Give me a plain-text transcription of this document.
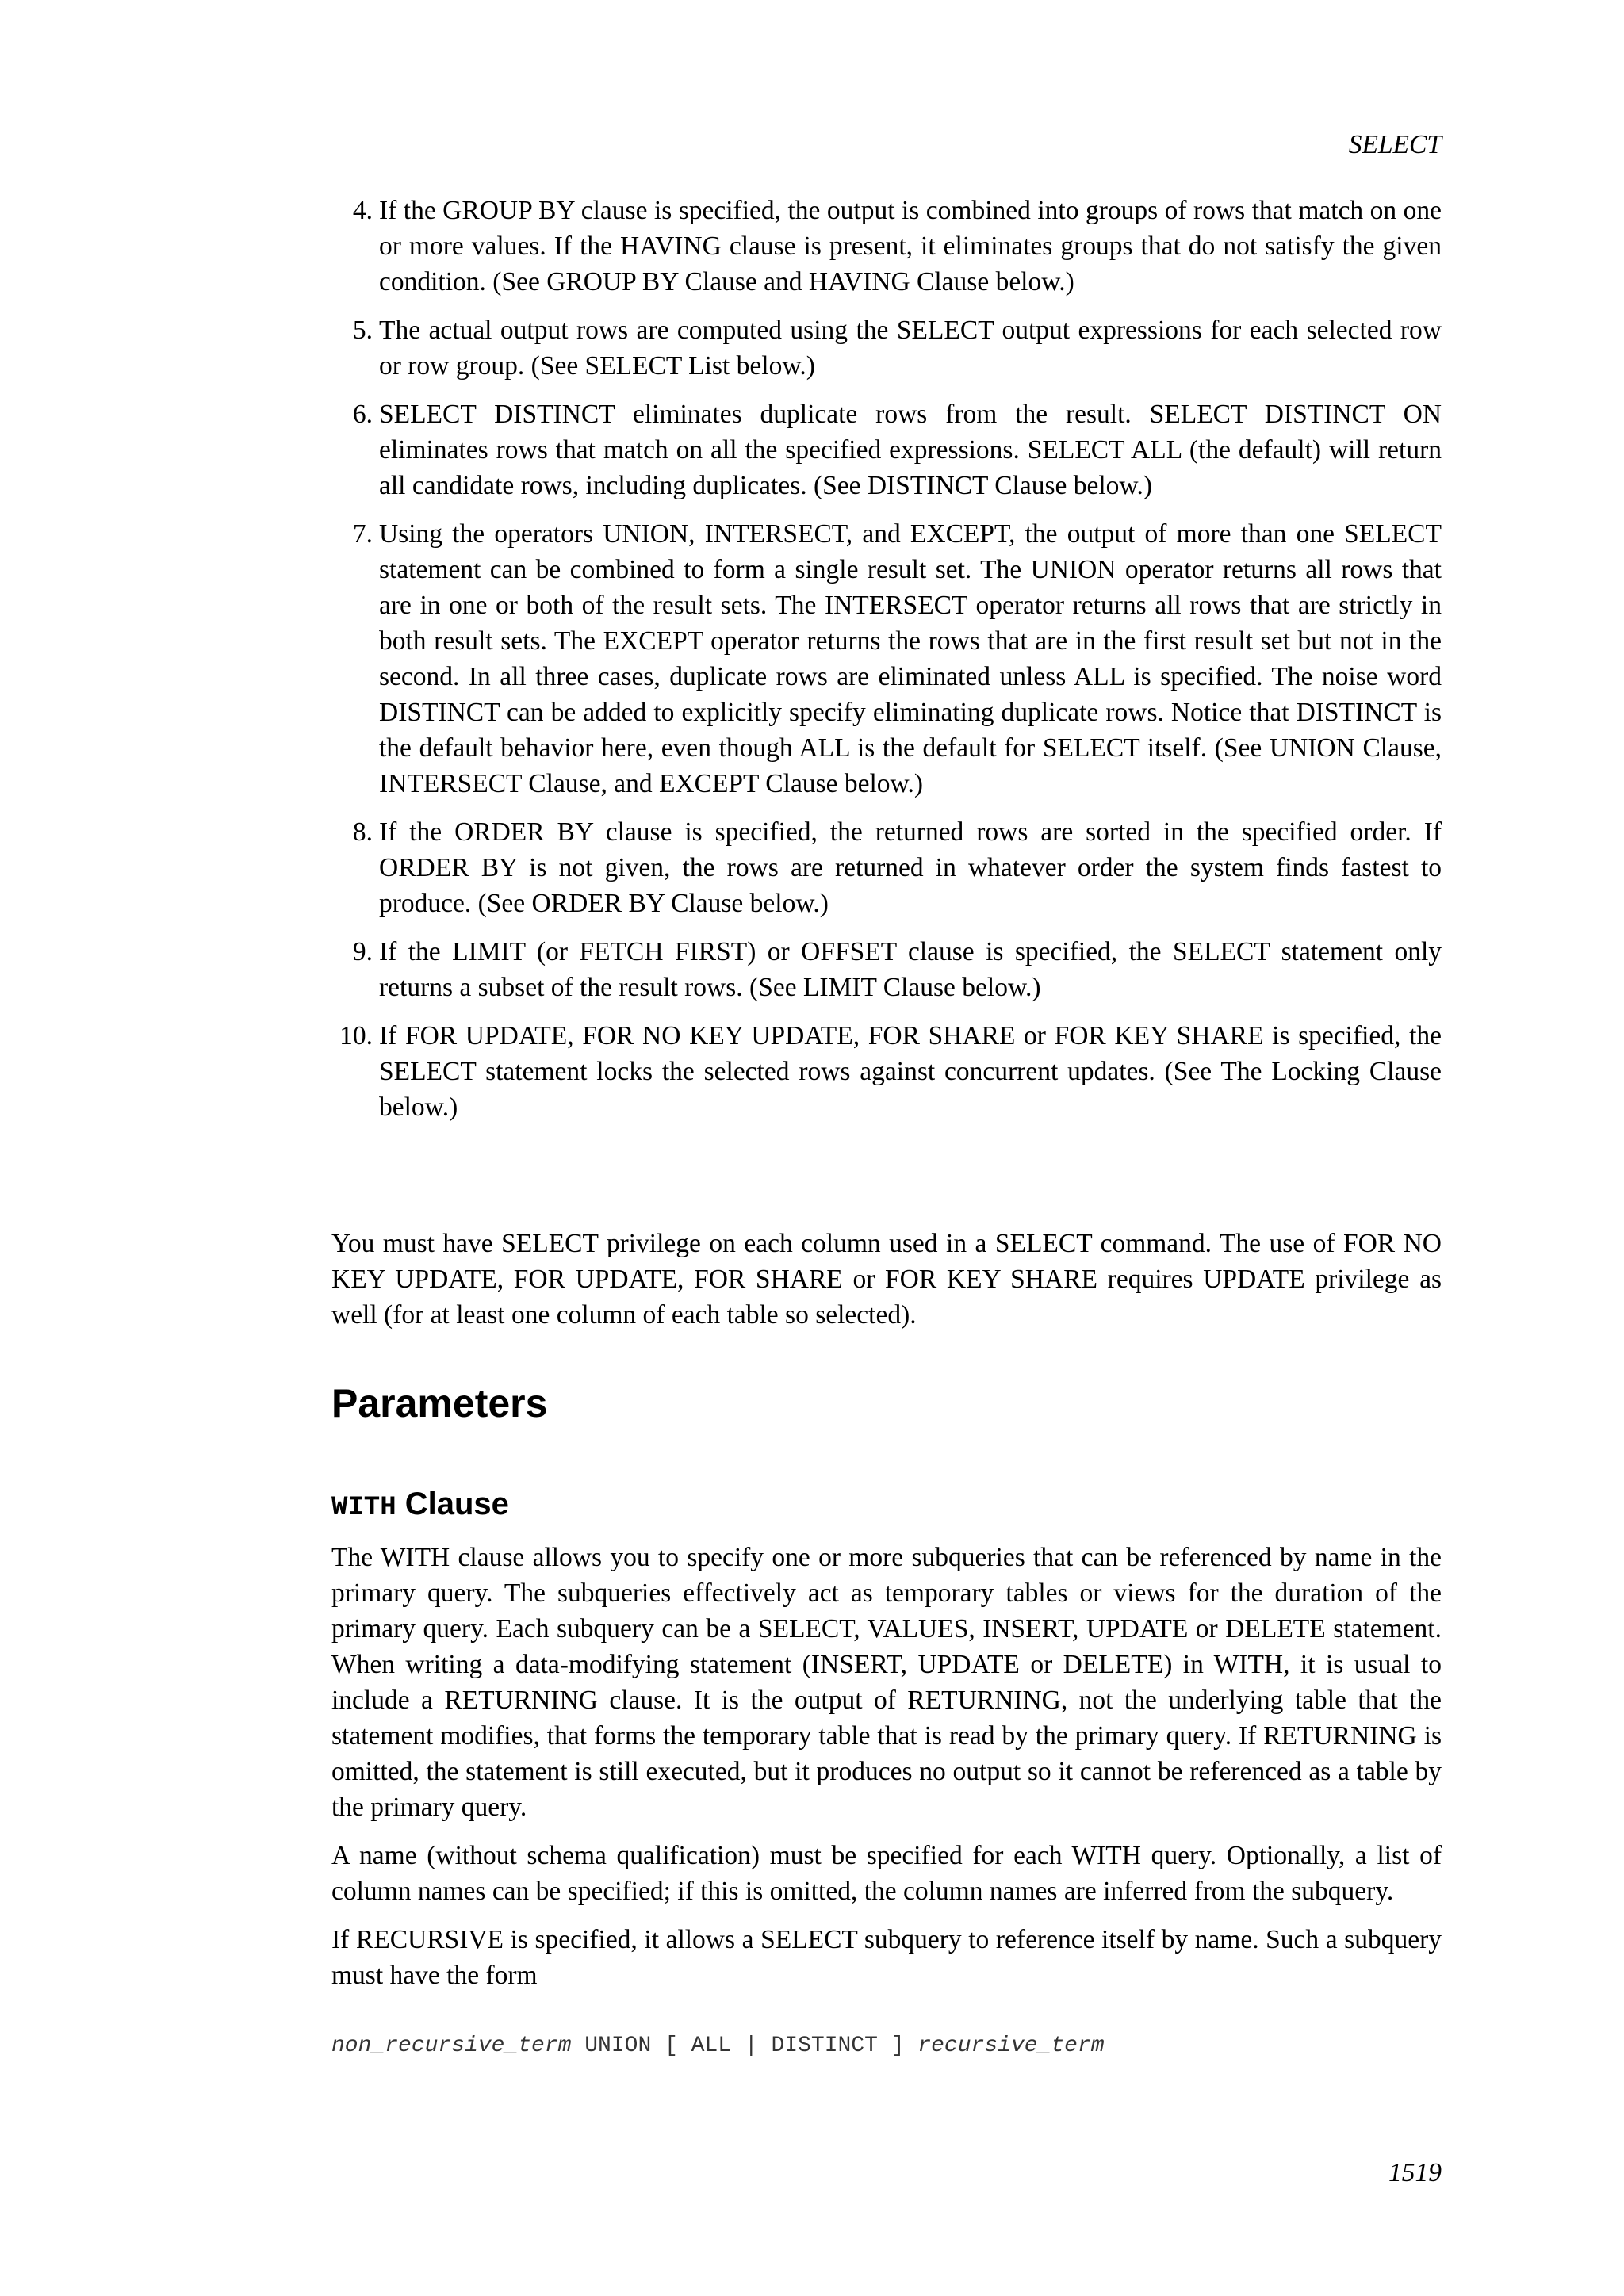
SELECT
4. If the GROUP BY clause is specified, the output is combined into groups of rows that match on one or more values. If the HAVING clause is present, it eliminates groups that do not satisfy the given condition. (See GROUP BY Clause and HAVING Clause below.)
5. The actual output rows are computed using the SELECT output expressions for each selected row or row group. (See SELECT List below.)
6. SELECT DISTINCT eliminates duplicate rows from the result. SELECT DISTINCT ON eliminates rows that match on all the specified expressions. SELECT ALL (the default) will return all candidate rows, including duplicates. (See DISTINCT Clause below.)
7. Using the operators UNION, INTERSECT, and EXCEPT, the output of more than one SELECT statement can be combined to form a single result set. The UNION operator returns all rows that are in one or both of the result sets. The INTERSECT operator returns all rows that are strictly in both result sets. The EXCEPT operator returns the rows that are in the first result set but not in the second. In all three cases, duplicate rows are eliminated unless ALL is specified. The noise word DISTINCT can be added to explicitly specify eliminating duplicate rows. Notice that DISTINCT is the default behavior here, even though ALL is the default for SELECT itself. (See UNION Clause, INTERSECT Clause, and EXCEPT Clause below.)
8. If the ORDER BY clause is specified, the returned rows are sorted in the specified order. If ORDER BY is not given, the rows are returned in whatever order the system finds fastest to produce. (See ORDER BY Clause below.)
9. If the LIMIT (or FETCH FIRST) or OFFSET clause is specified, the SELECT statement only returns a subset of the result rows. (See LIMIT Clause below.)
10. If FOR UPDATE, FOR NO KEY UPDATE, FOR SHARE or FOR KEY SHARE is specified, the SELECT statement locks the selected rows against concurrent updates. (See The Locking Clause below.)

You must have SELECT privilege on each column used in a SELECT command. The use of FOR NO KEY UPDATE, FOR UPDATE, FOR SHARE or FOR KEY SHARE requires UPDATE privilege as well (for at least one column of each table so selected).

Parameters
WITH Clause

The WITH clause allows you to specify one or more subqueries that can be referenced by name in the primary query. The subqueries effectively act as temporary tables or views for the duration of the primary query. Each subquery can be a SELECT, VALUES, INSERT, UPDATE or DELETE statement. When writing a data-modifying statement (INSERT, UPDATE or DELETE) in WITH, it is usual to include a RETURNING clause. It is the output of RETURNING, not the underlying table that the statement modifies, that forms the temporary table that is read by the primary query. If RETURNING is omitted, the statement is still executed, but it produces no output so it cannot be referenced as a table by the primary query.

A name (without schema qualification) must be specified for each WITH query. Optionally, a list of column names can be specified; if this is omitted, the column names are inferred from the subquery.

If RECURSIVE is specified, it allows a SELECT subquery to reference itself by name. Such a subquery must have the form

non_recursive_term UNION [ ALL | DISTINCT ] recursive_term
1519
